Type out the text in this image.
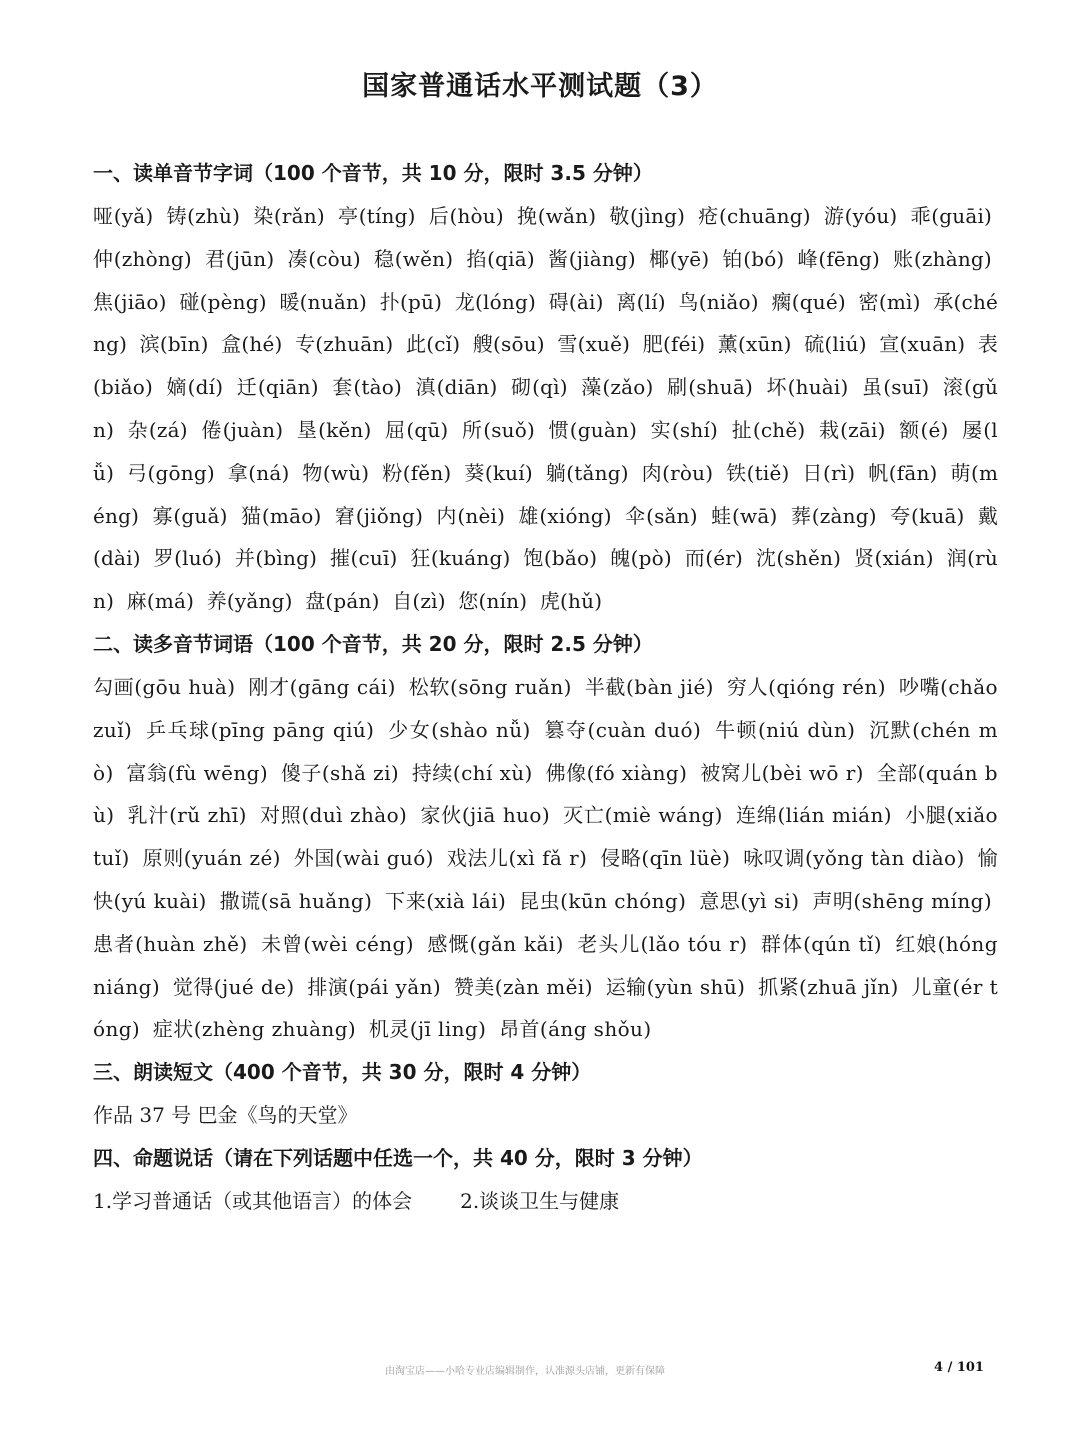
国家普通话水平测试题（3）
一、读单音节字词（100 个音节，共 10 分，限时 3.5 分钟）

哑(yǎ) 铸(zhù) 染(rǎn) 亭(tíng) 后(hòu) 挽(wǎn) 敬(jìng) 疮(chuāng) 游(yóu) 乖(guāi) 仲(zhòng) 君(jūn) 凑(còu) 稳(wěn) 掐(qiā) 酱(jiàng) 椰(yē) 铂(bó) 峰(fēng) 账(zhàng) 焦(jiāo) 碰(pèng) 暖(nuǎn) 扑(pū) 龙(lóng) 碍(ài) 离(lí) 鸟(niǎo) 瘸(qué) 密(mì) 承(chéng) 滨(bīn) 盒(hé) 专(zhuān) 此(cǐ) 艘(sōu) 雪(xuě) 肥(féi) 薰(xūn) 硫(liú) 宣(xuān) 表(biǎo) 嫡(dí) 迁(qiān) 套(tào) 滇(diān) 砌(qì) 藻(zǎo) 刷(shuā) 坏(huài) 虽(suī) 滚(gǔn) 杂(zá) 倦(juàn) 垦(kěn) 屈(qū) 所(suǒ) 惯(guàn) 实(shí) 扯(chě) 栽(zāi) 额(é) 屡(lǚ) 弓(gōng) 拿(ná) 物(wù) 粉(fěn) 葵(kuí) 躺(tǎng) 肉(ròu) 铁(tiě) 日(rì) 帆(fān) 萌(méng) 寡(guǎ) 猫(māo) 窘(jiǒng) 内(nèi) 雄(xióng) 伞(sǎn) 蛙(wā) 葬(zàng) 夸(kuā) 戴(dài) 罗(luó) 并(bìng) 摧(cuī) 狂(kuáng) 饱(bǎo) 魄(pò) 而(ér) 沈(shěn) 贤(xián) 润(rùn) 麻(má) 养(yǎng) 盘(pán) 自(zì) 您(nín) 虎(hǔ)

二、读多音节词语（100 个音节，共 20 分，限时 2.5 分钟）

勾画(gōu huà) 刚才(gāng cái) 松软(sōng ruǎn) 半截(bàn jié) 穷人(qióng rén) 吵嘴(chǎo zuǐ) 乒乓球(pīng pāng qiú) 少女(shào nǚ) 篡夺(cuàn duó) 牛顿(niú dùn) 沉默(chén mò) 富翁(fù wēng) 傻子(shǎ zi) 持续(chí xù) 佛像(fó xiàng) 被窝儿(bèi wō r) 全部(quán bù) 乳汁(rǔ zhī) 对照(duì zhào) 家伙(jiā huo) 灭亡(miè wáng) 连绵(lián mián) 小腿(xiǎo tuǐ) 原则(yuán zé) 外国(wài guó) 戏法儿(xì fǎ r) 侵略(qīn lüè) 咏叹调(yǒng tàn diào) 愉快(yú kuài) 撒谎(sā huǎng) 下来(xià lái) 昆虫(kūn chóng) 意思(yì si) 声明(shēng míng) 患者(huàn zhě) 未曾(wèi céng) 感慨(gǎn kǎi) 老头儿(lǎo tóu r) 群体(qún tǐ) 红娘(hóng niáng) 觉得(jué de) 排演(pái yǎn) 赞美(zàn měi) 运输(yùn shū) 抓紧(zhuā jǐn) 儿童(ér tóng) 症状(zhèng zhuàng) 机灵(jī ling) 昂首(áng shǒu)

三、朗读短文（400 个音节，共 30 分，限时 4 分钟）

作品 37 号 巴金《鸟的天堂》

四、命题说话（请在下列话题中任选一个，共 40 分，限时 3 分钟）

1.学习普通话（或其他语言）的体会 2.谈谈卫生与健康

由淘宝店——小哈专业店编辑制作，认准源头店铺，更新有保障	4 / 101
